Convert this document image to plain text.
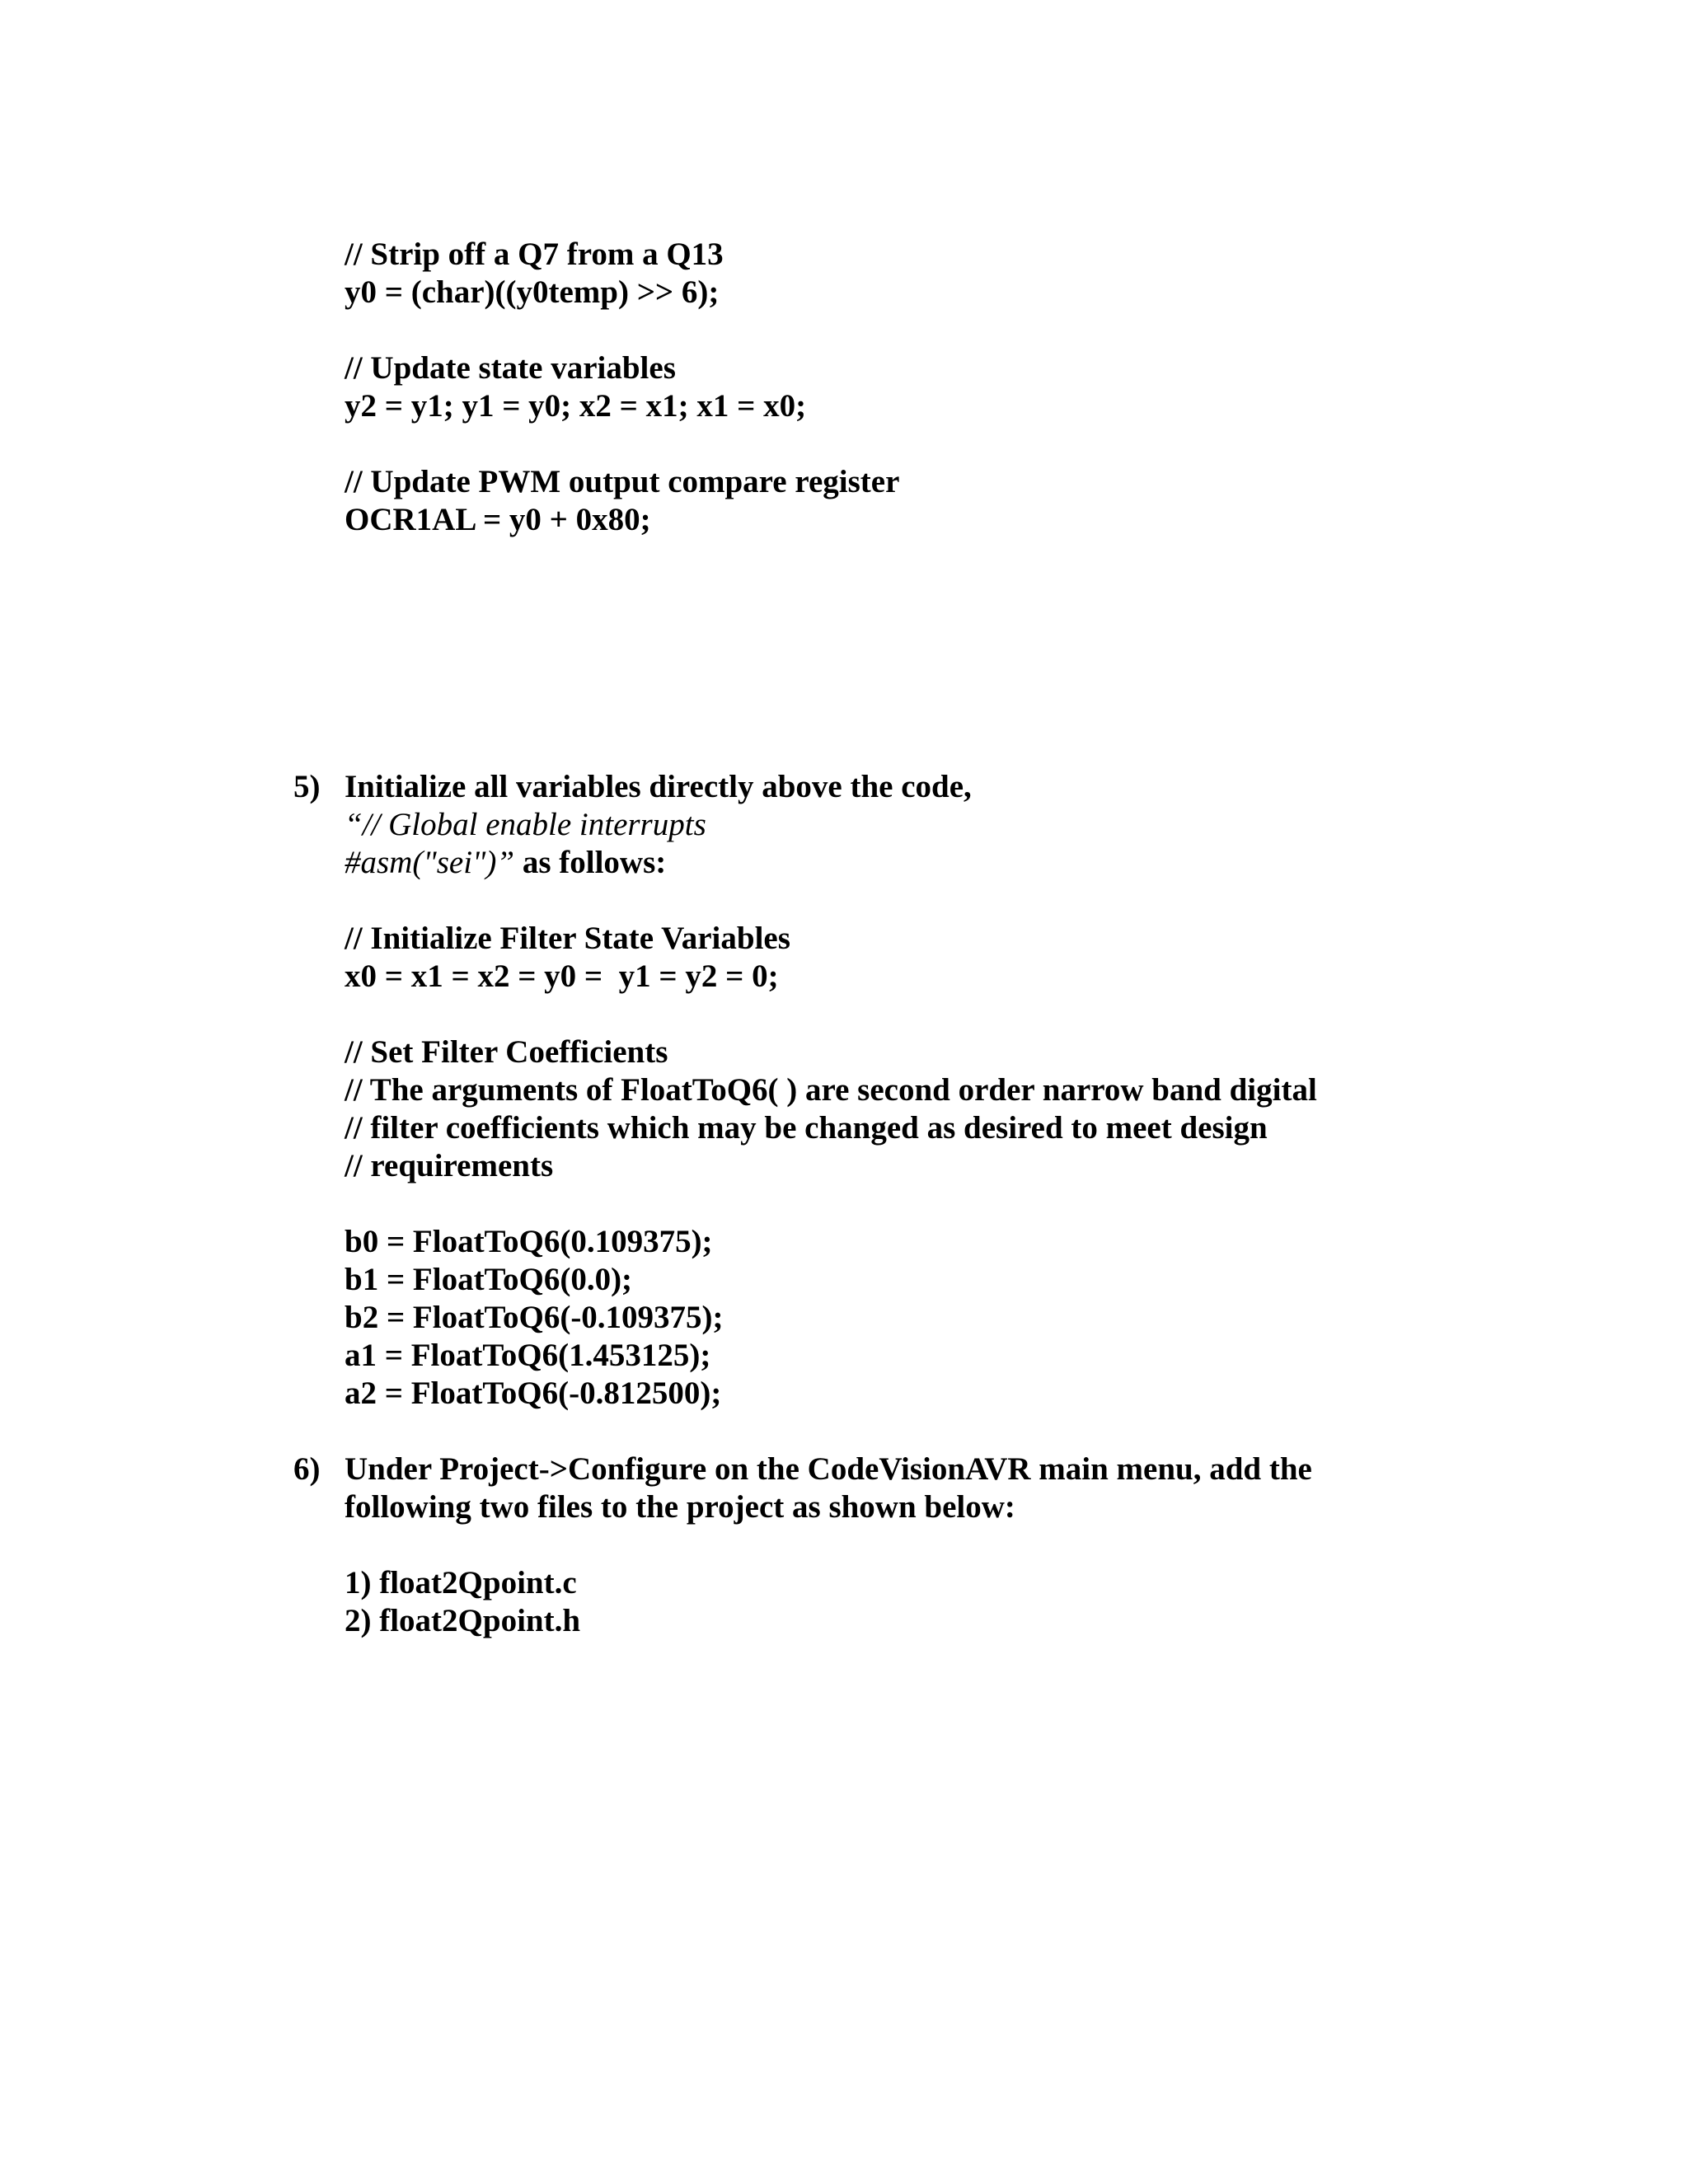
// Strip off a Q7 from a Q13
y0 = (char)((y0temp) >> 6);
// Update state variables
y2 = y1; y1 = y0; x2 = x1; x1 = x0;
// Update PWM output compare register
OCR1AL = y0 + 0x80;
5) Initialize all variables directly above the code,
“// Global enable interrupts
#asm("sei")” as follows:
// Initialize Filter State Variables
x0 = x1 = x2 = y0 =  y1 = y2 = 0;
// Set Filter Coefficients
// The arguments of FloatToQ6( ) are second order narrow band digital
// filter coefficients which may be changed as desired to meet design
// requirements
b0 = FloatToQ6(0.109375);
b1 = FloatToQ6(0.0);
b2 = FloatToQ6(-0.109375);
a1 = FloatToQ6(1.453125);
a2 = FloatToQ6(-0.812500);
6) Under Project->Configure on the CodeVisionAVR main menu, add the
following two files to the project as shown below:
1) float2Qpoint.c
2) float2Qpoint.h
